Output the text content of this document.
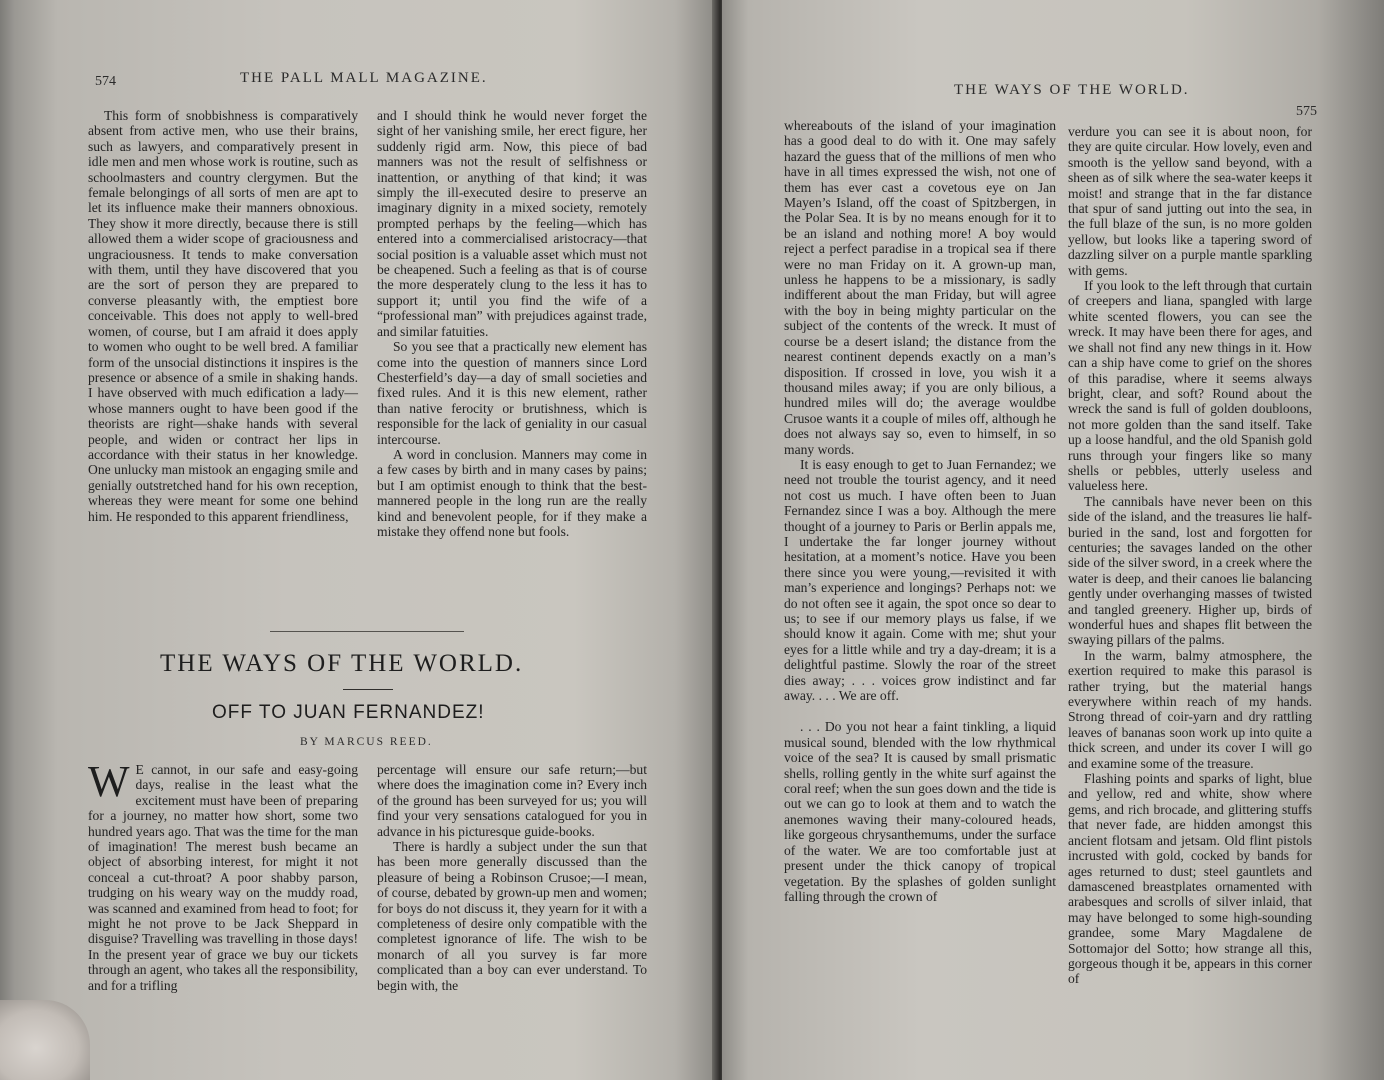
574	THE PALL MALL MAGAZINE.

This form of snobbishness is comparatively absent from active men, who use their brains, such as lawyers, and comparatively present in idle men and men whose work is routine, such as schoolmasters and country clergymen. But the female belongings of all sorts of men are apt to let its influence make their manners obnoxious. They show it more directly, because there is still allowed them a wider scope of graciousness and ungraciousness. It tends to make conversation with them, until they have discovered that you are the sort of person they are prepared to converse pleasantly with, the emptiest bore conceivable. This does not apply to well-bred women, of course, but I am afraid it does apply to women who ought to be well bred. A familiar form of the unsocial distinctions it inspires is the presence or absence of a smile in shaking hands. I have observed with much edification a lady—whose manners ought to have been good if the theorists are right—shake hands with several people, and widen or contract her lips in accordance with their status in her knowledge. One unlucky man mistook an engaging smile and genially outstretched hand for his own reception, whereas they were meant for some one behind him. He responded to this apparent friendliness,

and I should think he would never forget the sight of her vanishing smile, her erect figure, her suddenly rigid arm. Now, this piece of bad manners was not the result of selfishness or inattention, or anything of that kind; it was simply the ill-executed desire to preserve an imaginary dignity in a mixed society, remotely prompted perhaps by the feeling—which has entered into a commercialised aristocracy—that social position is a valuable asset which must not be cheapened. Such a feeling as that is of course the more desperately clung to the less it has to support it; until you find the wife of a “professional man” with prejudices against trade, and similar fatuities.

So you see that a practically new element has come into the question of manners since Lord Chesterfield’s day—a day of small societies and fixed rules. And it is this new element, rather than native ferocity or brutishness, which is responsible for the lack of geniality in our casual intercourse.

A word in conclusion. Manners may come in a few cases by birth and in many cases by pains; but I am optimist enough to think that the best-mannered people in the long run are the really kind and benevolent people, for if they make a mistake they offend none but fools.

THE WAYS OF THE WORLD.
OFF TO JUAN FERNANDEZ!
BY MARCUS REED.

W E cannot, in our safe and easy-going days, realise in the least what the excitement must have been of preparing for a journey, no matter how short, some two hundred years ago. That was the time for the man of imagination! The merest bush became an object of absorbing interest, for might it not conceal a cut-throat? A poor shabby parson, trudging on his weary way on the muddy road, was scanned and examined from head to foot; for might he not prove to be Jack Sheppard in disguise? Travelling was travelling in those days! In the present year of grace we buy our tickets through an agent, who takes all the responsibility, and for a trifling

percentage will ensure our safe return;—but where does the imagination come in? Every inch of the ground has been surveyed for us; you will find your very sensations catalogued for you in advance in his picturesque guide-books.

There is hardly a subject under the sun that has been more generally discussed than the pleasure of being a Robinson Crusoe;—I mean, of course, debated by grown-up men and women; for boys do not discuss it, they yearn for it with a completeness of desire only compatible with the completest ignorance of life. The wish to be monarch of all you survey is far more complicated than a boy can ever understand. To begin with, the

THE WAYS OF THE WORLD.
575

whereabouts of the island of your imagination has a good deal to do with it. One may safely hazard the guess that of the millions of men who have in all times expressed the wish, not one of them has ever cast a covetous eye on Jan Mayen’s Island, off the coast of Spitzbergen, in the Polar Sea. It is by no means enough for it to be an island and nothing more! A boy would reject a perfect paradise in a tropical sea if there were no man Friday on it. A grown-up man, unless he happens to be a missionary, is sadly indifferent about the man Friday, but will agree with the boy in being mighty particular on the subject of the contents of the wreck. It must of course be a desert island; the distance from the nearest continent depends exactly on a man’s disposition. If crossed in love, you wish it a thousand miles away; if you are only bilious, a hundred miles will do; the average wouldbe Crusoe wants it a couple of miles off, although he does not always say so, even to himself, in so many words.

It is easy enough to get to Juan Fernandez; we need not trouble the tourist agency, and it need not cost us much. I have often been to Juan Fernandez since I was a boy. Although the mere thought of a journey to Paris or Berlin appals me, I undertake the far longer journey without hesitation, at a moment’s notice. Have you been there since you were young,—revisited it with man’s experience and longings? Perhaps not: we do not often see it again, the spot once so dear to us; to see if our memory plays us false, if we should know it again. Come with me; shut your eyes for a little while and try a day-dream; it is a delightful pastime. Slowly the roar of the street dies away; . . . voices grow indistinct and far away. . . . We are off.

. . . Do you not hear a faint tinkling, a liquid musical sound, blended with the low rhythmical voice of the sea? It is caused by small prismatic shells, rolling gently in the white surf against the coral reef; when the sun goes down and the tide is out we can go to look at them and to watch the anemones waving their many-coloured heads, like gorgeous chrysanthemums, under the surface of the water. We are too comfortable just at present under the thick canopy of tropical vegetation. By the splashes of golden sunlight falling through the crown of

verdure you can see it is about noon, for they are quite circular. How lovely, even and smooth is the yellow sand beyond, with a sheen as of silk where the sea-water keeps it moist! and strange that in the far distance that spur of sand jutting out into the sea, in the full blaze of the sun, is no more golden yellow, but looks like a tapering sword of dazzling silver on a purple mantle sparkling with gems.

If you look to the left through that curtain of creepers and liana, spangled with large white scented flowers, you can see the wreck. It may have been there for ages, and we shall not find any new things in it. How can a ship have come to grief on the shores of this paradise, where it seems always bright, clear, and soft? Round about the wreck the sand is full of golden doubloons, not more golden than the sand itself. Take up a loose handful, and the old Spanish gold runs through your fingers like so many shells or pebbles, utterly useless and valueless here.

The cannibals have never been on this side of the island, and the treasures lie half-buried in the sand, lost and forgotten for centuries; the savages landed on the other side of the silver sword, in a creek where the water is deep, and their canoes lie balancing gently under overhanging masses of twisted and tangled greenery. Higher up, birds of wonderful hues and shapes flit between the swaying pillars of the palms.

In the warm, balmy atmosphere, the exertion required to make this parasol is rather trying, but the material hangs everywhere within reach of my hands. Strong thread of coir-yarn and dry rattling leaves of bananas soon work up into quite a thick screen, and under its cover I will go and examine some of the treasure.

Flashing points and sparks of light, blue and yellow, red and white, show where gems, and rich brocade, and glittering stuffs that never fade, are hidden amongst this ancient flotsam and jetsam. Old flint pistols incrusted with gold, cocked by bands for ages returned to dust; steel gauntlets and damascened breastplates ornamented with arabesques and scrolls of silver inlaid, that may have belonged to some high-sounding grandee, some Mary Magdalene de Sottomajor del Sotto; how strange all this, gorgeous though it be, appears in this corner of
